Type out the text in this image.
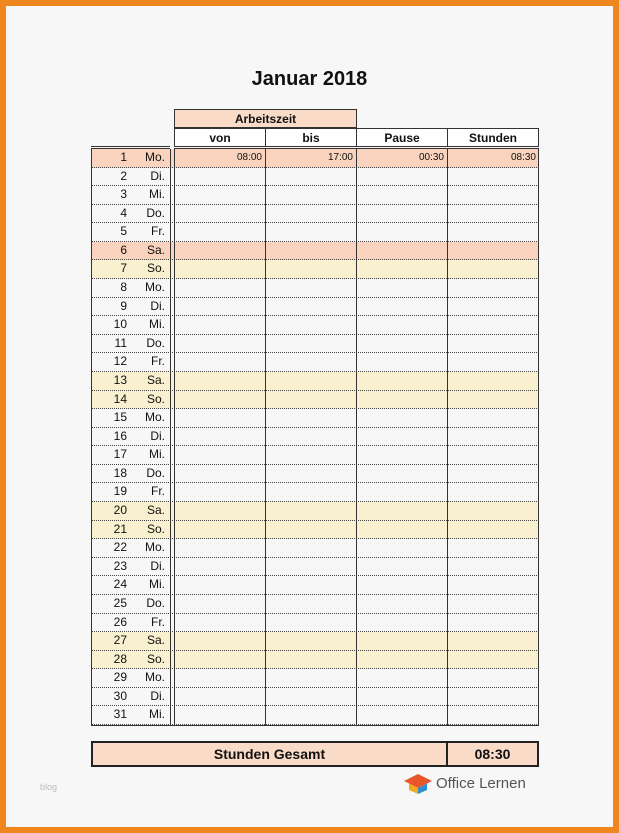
Januar 2018
Arbeitszeit
von	bis	Pause	Stunden
1	Mo.	08:00	17:00	00:30	08:30
2	Di.
3	Mi.
4	Do.
5	Fr.
6	Sa.
7	So.
8	Mo.
9	Di.
10	Mi.
11	Do.
12	Fr.
13	Sa.
14	So.
15	Mo.
16	Di.
17	Mi.
18	Do.
19	Fr.
20	Sa.
21	So.
22	Mo.
23	Di.
24	Mi.
25	Do.
26	Fr.
27	Sa.
28	So.
29	Mo.
30	Di.
31	Mi.
Stunden Gesamt	08:30
Office Lernen
blog
